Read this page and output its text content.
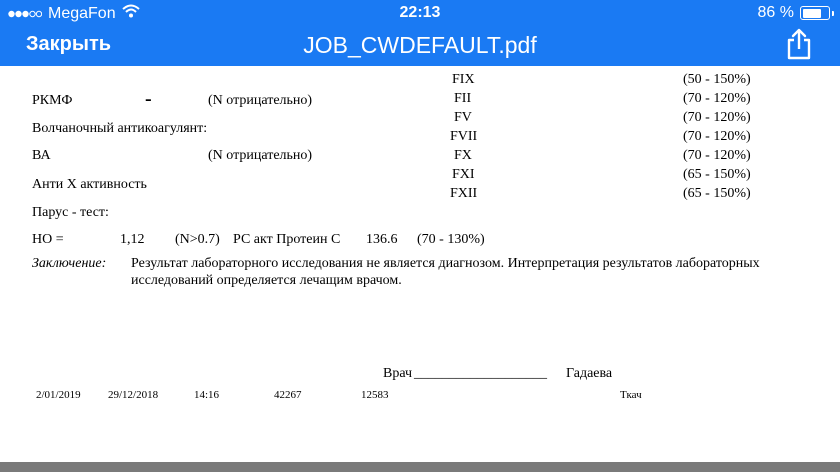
MegaFon	22:13	86 %
Закрыть	JOB_CWDEFAULT.pdf
РКМФ	-	(N отрицательно)
Волчаночный антикоагулянт:
ВА	(N отрицательно)
Анти Х активность
Парус - тест:
НО =	1,12 (N>0.7) РС акт Протеин С 136.6 (70 - 130%)
FIX	(50 - 150%)
FII	(70 - 120%)
FV	(70 - 120%)
FVII	(70 - 120%)
FX	(70 - 120%)
FXI	(65 - 150%)
FXII	(65 - 150%)
Заключение: Результат лабораторного исследования не является диагнозом. Интерпретация результатов лабораторных
исследований определяется лечащим врачом.
Врач ___________________ Гадаева
2/01/2019 29/12/2018	14:16	42267	12583	Ткач
